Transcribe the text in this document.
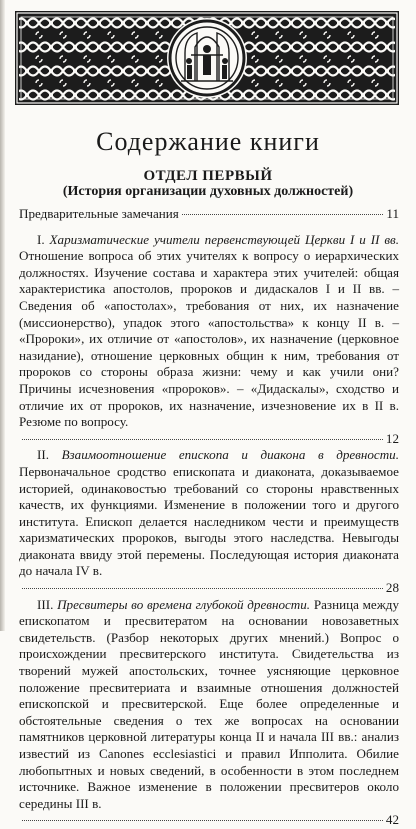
Содержание книги
ОТДЕЛ ПЕРВЫЙ
(История организации духовных должностей)
Предварительные замечания	11
I. Харизматические учители первенствующей Церкви I и II вв. Отношение вопроса об этих учителях к вопросу о иерархических должностях. Изучение состава и характера этих учителей: общая характеристика апостолов, пророков и дидаскалов I и II вв. – Сведения об «апостолах», требования от них, их назначение (миссионерство), упадок этого «апостольства» к концу II в. – «Пророки», их отличие от «апостолов», их назначение (церковное назидание), отношение церковных общин к ним, требования от пророков со стороны образа жизни: чему и как учили они? Причины исчезновения «пророков». – «Дидаскалы», сходство и отличие их от пророков, их назначение, изчезновение их в II в. Резюме по вопросу.
12
II. Взаимоотношение епископа и диакона в древности. Первоначальное сродство епископата и диаконата, доказываемое историей, одинаковостью требований со стороны нравственных качеств, их функциями. Изменение в положении того и другого института. Епископ делается наследником чести и преимуществ харизматических пророков, выгоды этого наследства. Невыгоды диаконата ввиду этой перемены. Последующая история диаконата до начала IV в.
28
III. Пресвитеры во времена глубокой древности. Разница между епископатом и пресвитератом на основании новозаветных свидетельств. (Разбор некоторых других мнений.) Вопрос о происхождении пресвитерского института. Свидетельства из творений мужей апостольских, точнее уясняющие церковное положение пресвитериата и взаимные отношения должностей епископской и пресвитерской. Еще более определенные и обстоятельные сведения о тех же вопросах на основании памятников церковной литературы конца II и начала III вв.: анализ известий из Canones ecclesiasticі и правил Ипполита. Обилие любопытных и новых сведений, в особенности в этом последнем источнике. Важное изменение в положении пресвитеров около середины III в.
42
